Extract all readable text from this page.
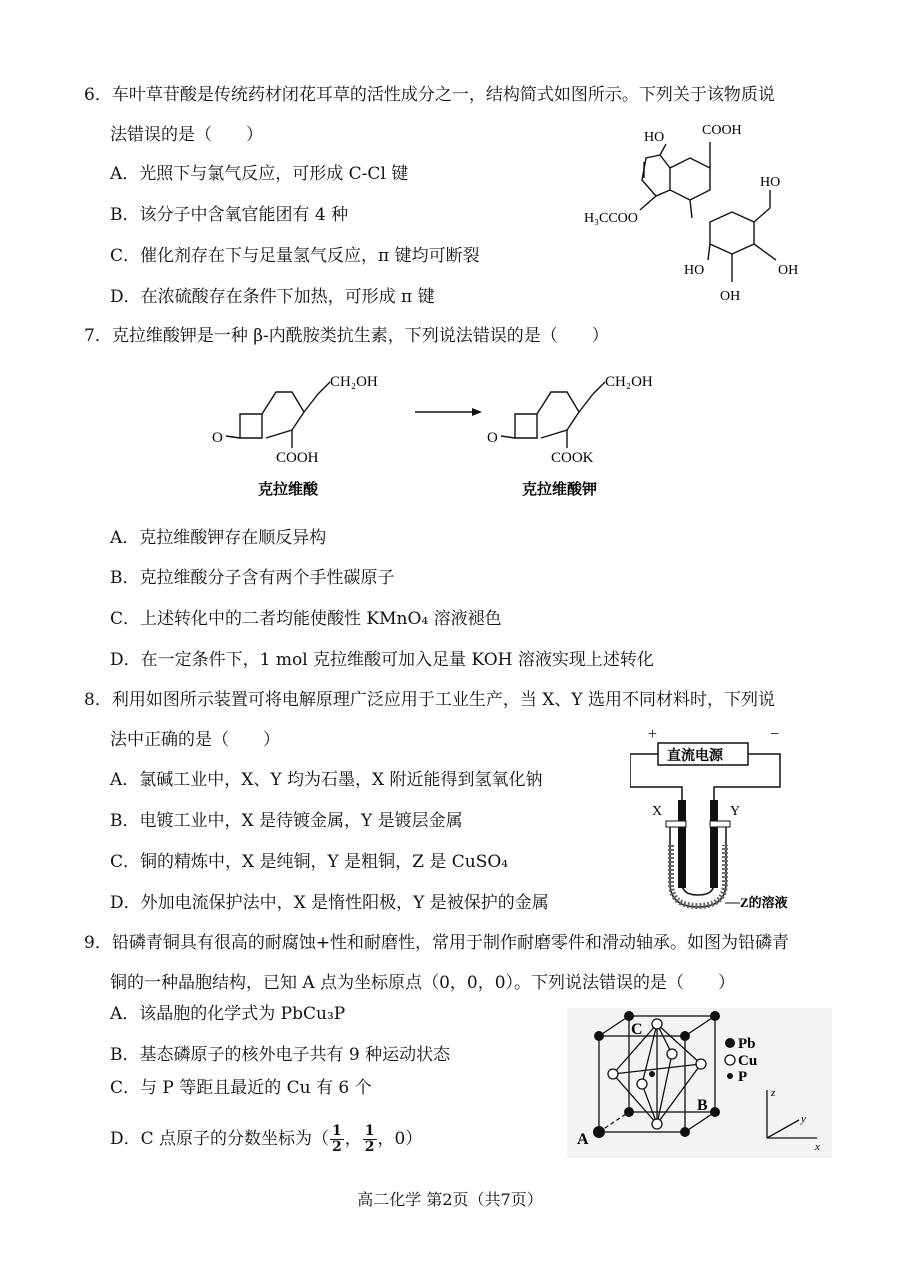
6．车叶草苷酸是传统药材闭花耳草的活性成分之一，结构简式如图所示。下列关于该物质说
法错误的是（　　）
A．光照下与氯气反应，可形成 C-Cl 键
B．该分子中含氧官能团有 4 种
C．催化剂存在下与足量氢气反应，π 键均可断裂
D．在浓硫酸存在条件下加热，可形成 π 键
COOH
HO
H₃CCOO
HO
HO	OH
OH
7．克拉维酸钾是一种 β-内酰胺类抗生素，下列说法错误的是（　　）
O	O
CH₂OH	CH₂OH
COOH	COOK
克拉维酸	克拉维酸钾
A．克拉维酸钾存在顺反异构
B．克拉维酸分子含有两个手性碳原子
C．上述转化中的二者均能使酸性 KMnO₄ 溶液褪色
D．在一定条件下，1 mol 克拉维酸可加入足量 KOH 溶液实现上述转化
8．利用如图所示装置可将电解原理广泛应用于工业生产，当 X、Y 选用不同材料时，下列说
法中正确的是（　　）
A．氯碱工业中，X、Y 均为石墨，X 附近能得到氢氧化钠
B．电镀工业中，X 是待镀金属，Y 是镀层金属
C．铜的精炼中，X 是纯铜，Y 是粗铜，Z 是 CuSO₄
D．外加电流保护法中，X 是惰性阳极，Y 是被保护的金属
+	−
直流电源
X	Y
Z的溶液
9．铅磷青铜具有很高的耐腐蚀+性和耐磨性，常用于制作耐磨零件和滑动轴承。如图为铅磷青
铜的一种晶胞结构，已知 A 点为坐标原点（0，0，0）。下列说法错误的是（　　）
A．该晶胞的化学式为 PbCu₃P
B．基态磷原子的核外电子共有 9 种运动状态
C．与 P 等距且最近的 Cu 有 6 个
D．C 点原子的分数坐标为（ $\frac{1}{2}$ ， $\frac{1}{2}$ ，0）
Pb
Cu
P
A
B
C
z
y
x
高二化学 第2页（共7页）
